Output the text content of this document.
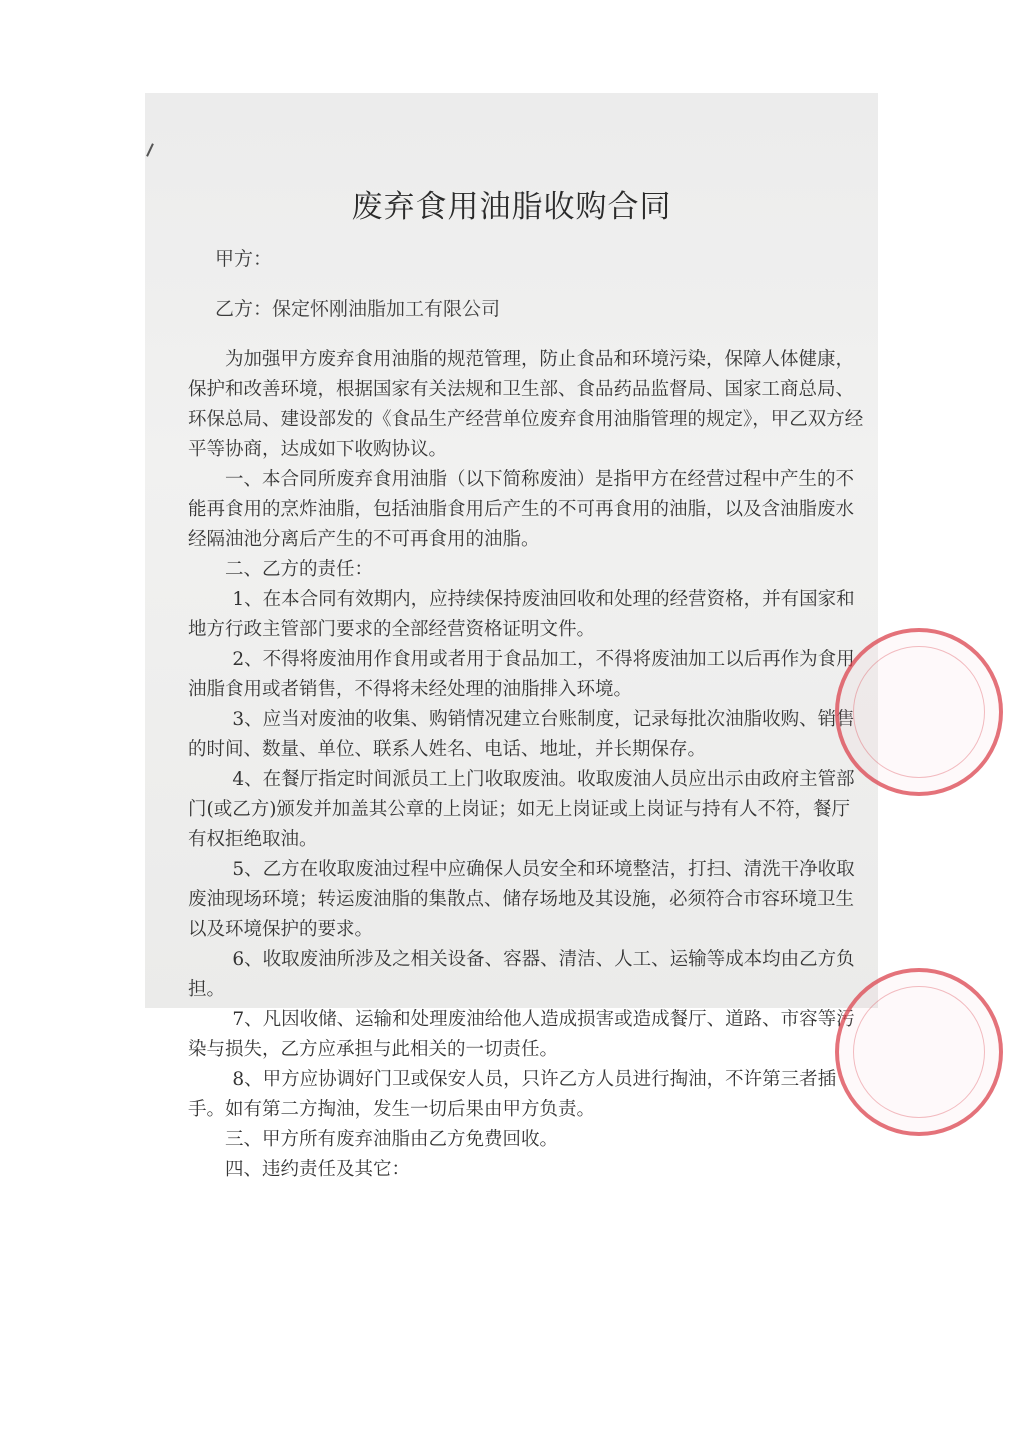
废弃食用油脂收购合同
甲方：
乙方：保定怀刚油脂加工有限公司

为加强甲方废弃食用油脂的规范管理，防止食品和环境污染，保障人体健康，保护和改善环境，根据国家有关法规和卫生部、食品药品监督局、国家工商总局、环保总局、建设部发的《食品生产经营单位废弃食用油脂管理的规定》，甲乙双方经平等协商，达成如下收购协议。

一、本合同所废弃食用油脂（以下简称废油）是指甲方在经营过程中产生的不能再食用的烹炸油脂，包括油脂食用后产生的不可再食用的油脂，以及含油脂废水经隔油池分离后产生的不可再食用的油脂。

二、乙方的责任：

1、在本合同有效期内，应持续保持废油回收和处理的经营资格，并有国家和地方行政主管部门要求的全部经营资格证明文件。

2、不得将废油用作食用或者用于食品加工，不得将废油加工以后再作为食用油脂食用或者销售，不得将未经处理的油脂排入环境。

3、应当对废油的收集、购销情况建立台账制度，记录每批次油脂收购、销售的时间、数量、单位、联系人姓名、电话、地址，并长期保存。

4、在餐厅指定时间派员工上门收取废油。收取废油人员应出示由政府主管部门(或乙方)颁发并加盖其公章的上岗证；如无上岗证或上岗证与持有人不符，餐厅有权拒绝取油。

5、乙方在收取废油过程中应确保人员安全和环境整洁，打扫、清洗干净收取废油现场环境；转运废油脂的集散点、储存场地及其设施，必须符合市容环境卫生以及环境保护的要求。

6、收取废油所涉及之相关设备、容器、清洁、人工、运输等成本均由乙方负担。

7、凡因收储、运输和处理废油给他人造成损害或造成餐厅、道路、市容等污染与损失，乙方应承担与此相关的一切责任。

8、甲方应协调好门卫或保安人员，只许乙方人员进行掏油，不许第三者插手。如有第二方掏油，发生一切后果由甲方负责。

三、甲方所有废弃油脂由乙方免费回收。

四、违约责任及其它：
